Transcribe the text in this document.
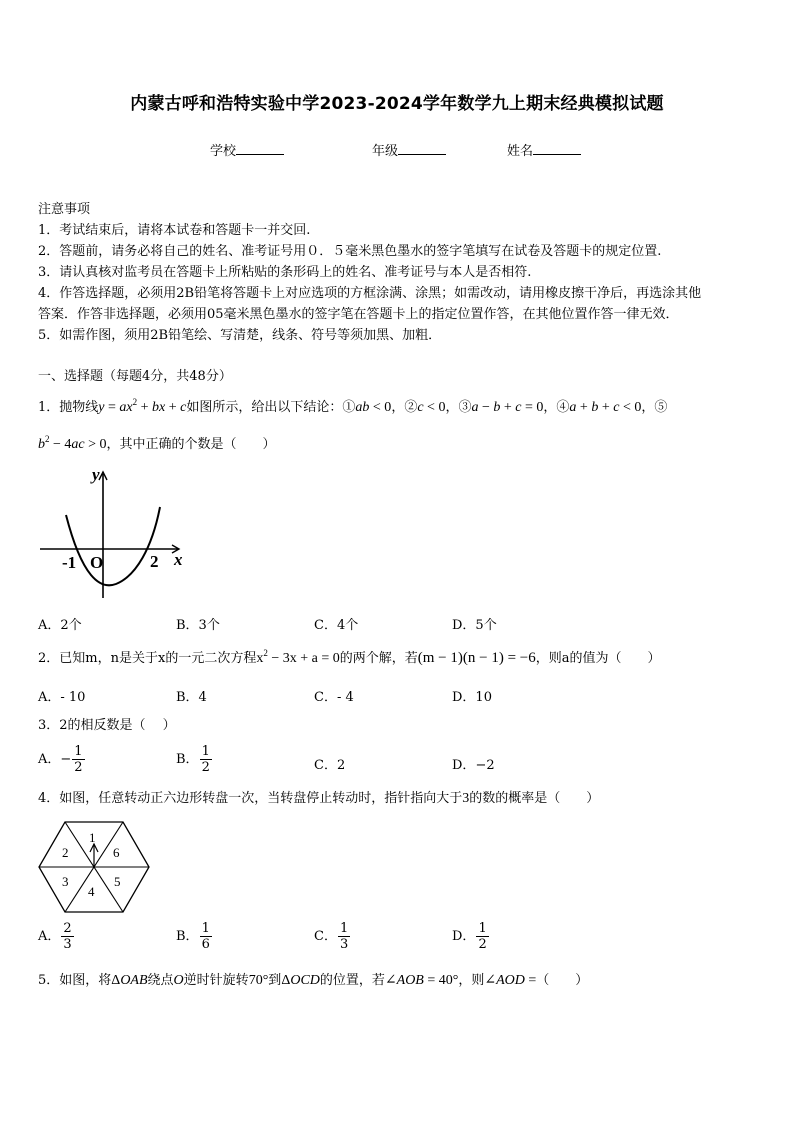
内蒙古呼和浩特实验中学2023-2024学年数学九上期末经典模拟试题
学校	年级	姓名
注意事项
1．考试结束后，请将本试卷和答题卡一并交回.
2．答题前，请务必将自己的姓名、准考证号用０．５毫米黑色墨水的签字笔填写在试卷及答题卡的规定位置.
3．请认真核对监考员在答题卡上所粘贴的条形码上的姓名、准考证号与本人是否相符.
4．作答选择题，必须用2B铅笔将答题卡上对应选项的方框涂满、涂黑；如需改动，请用橡皮擦干净后，再选涂其他
答案．作答非选择题，必须用05毫米黑色墨水的签字笔在答题卡上的指定位置作答，在其他位置作答一律无效．
5．如需作图，须用2B铅笔绘、写清楚，线条、符号等须加黑、加粗．
一、选择题（每题4分，共48分）
1．抛物线$y = ax^2$ + bx + c如图所示，给出以下结论：①ab < 0，②c < 0，③a − b + c = 0，④a + b + c < 0，⑤
$b^2 - 4ac > 0$，其中正确的个数是（　　）
y
x
-1 O	2
A．2个	B．3个	C．4个	D．5个
2．已知m，n是关于x的一元二次方程$x^2 - 3x + a = 0$的两个解，若(m − 1)(n − 1) = −6，则a的值为（　　）
A．- 10	B．4	C．- 4	D．10
3．2的相反数是（　 ）
A．− $\frac{1}{2}$	B． $\frac{1}{2}$	C．2	D．−2
4．如图，任意转动正六边形转盘一次，当转盘停止转动时，指针指向大于3的数的概率是（　　）
1
6
5
4
3
2
A． $\frac{2}{3}$	B． $\frac{1}{6}$	C． $\frac{1}{3}$	D． $\frac{1}{2}$
5．如图，将ΔOAB绕点O逆时针旋转70°到ΔOCD的位置，若∠AOB = 40°，则∠AOD =（　　）
